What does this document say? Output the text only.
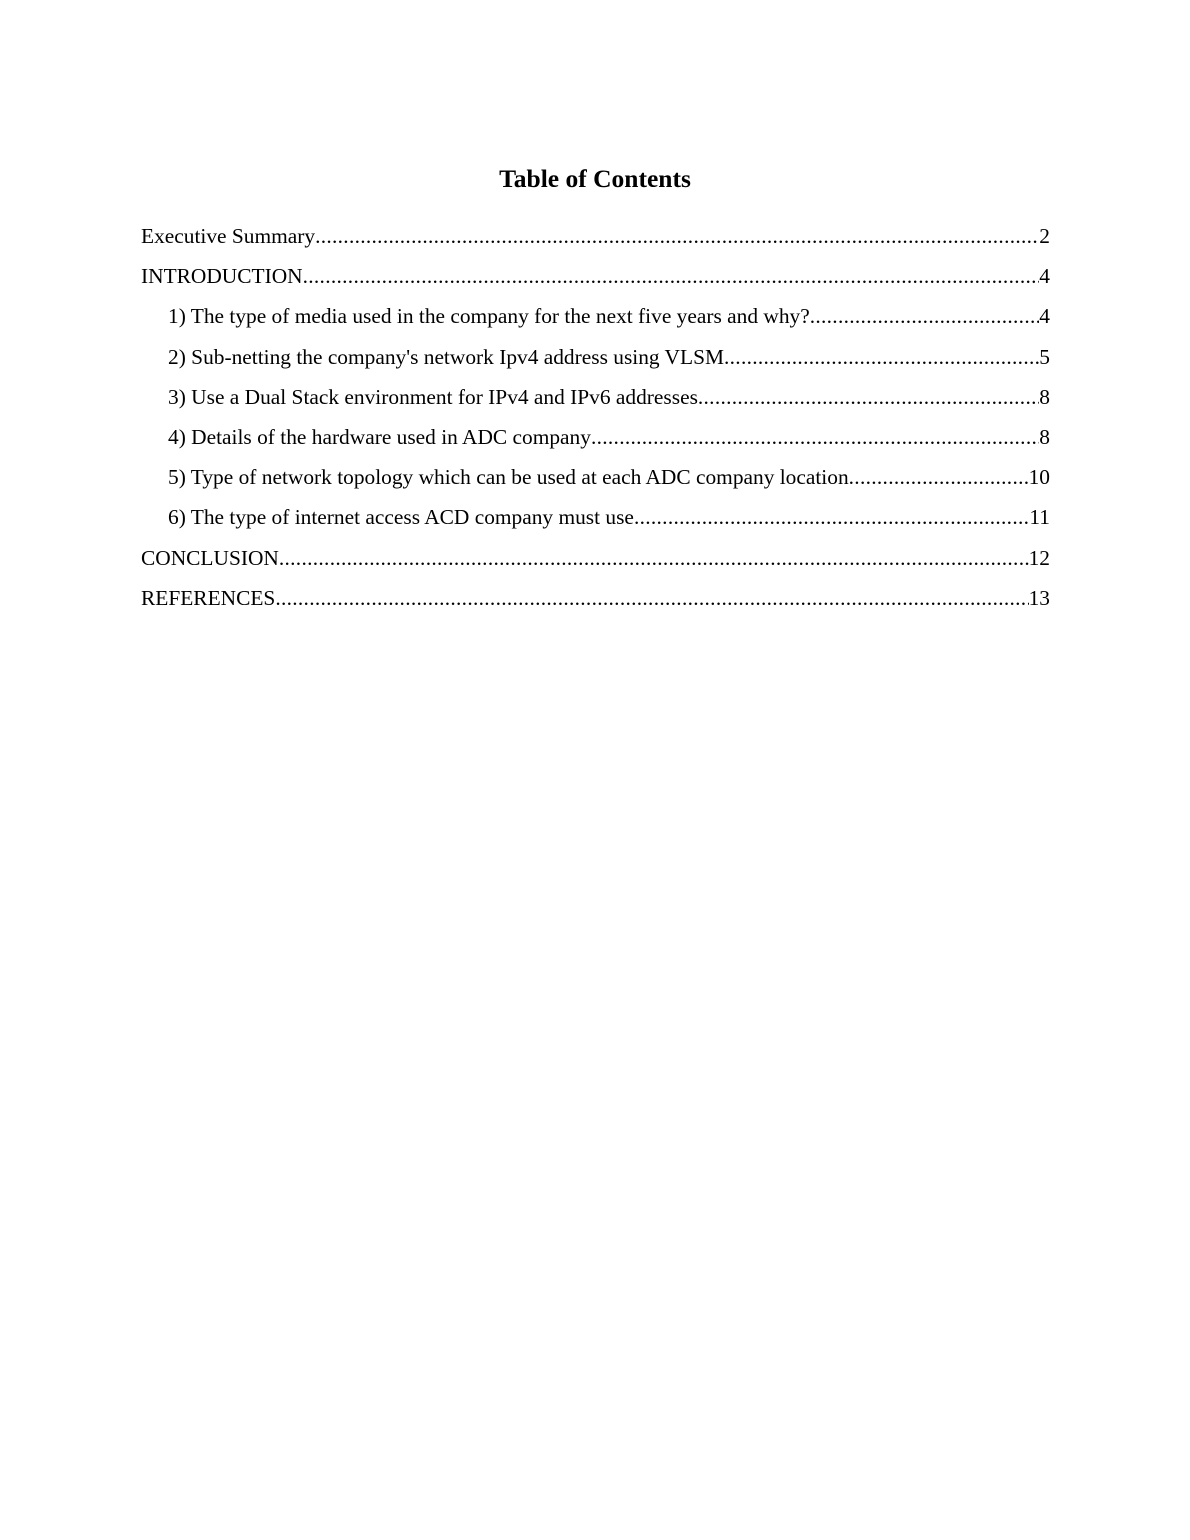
Table of Contents
Executive Summary .....	2
INTRODUCTION .....	4
1) The type of media used in the company for the next five years and why? .....	4
2) Sub-netting the company's network Ipv4 address using VLSM .....	5
3) Use a Dual Stack environment for IPv4 and IPv6 addresses .....	8
4) Details of the hardware used in ADC company .....	8
5) Type of network topology which can be used at each ADC company location .....	10
6) The type of internet access ACD company must use .....	11
CONCLUSION .....	12
REFERENCES .....	13
